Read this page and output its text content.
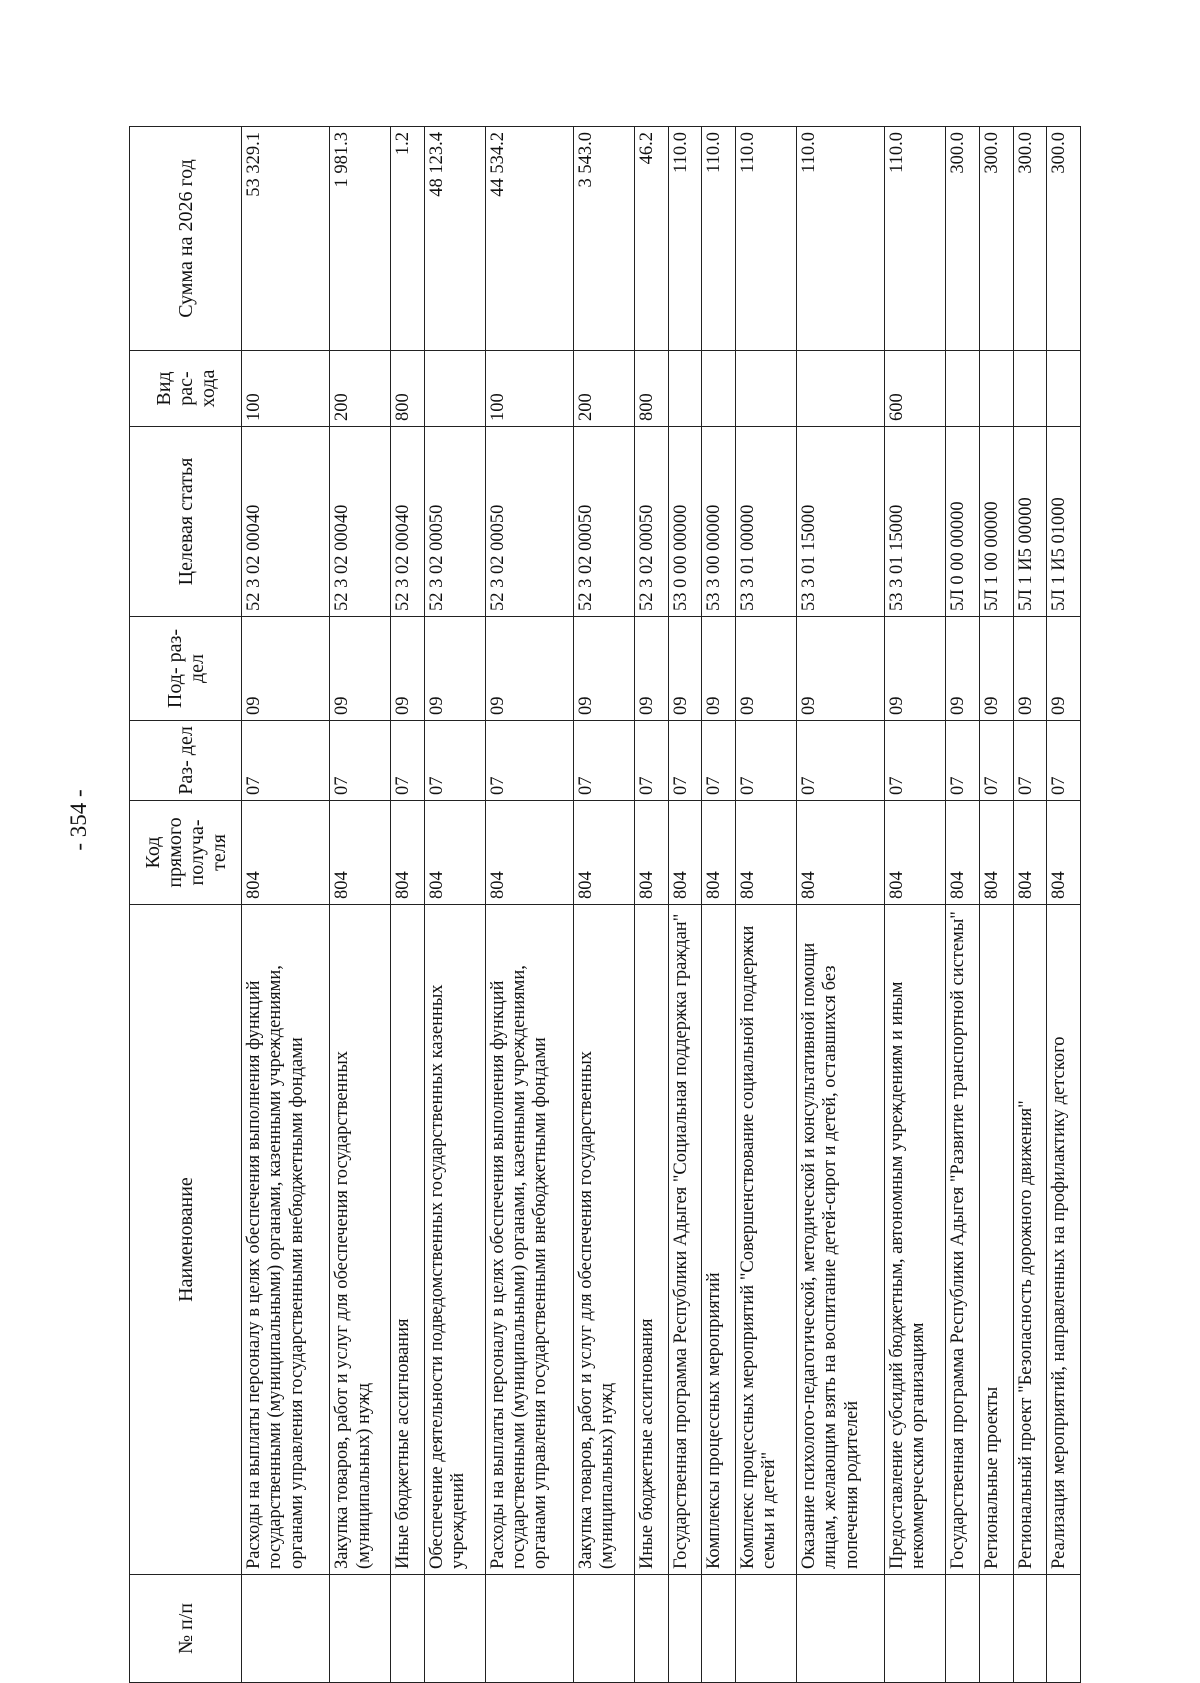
- 354 -
№ п/п	Наименование	Код прямого получа- теля	Раз- дел	Под- раз- дел	Целевая статья	Вид рас- хода	Сумма на 2026 год
	Расходы на выплаты персоналу в целях обеспечения выполнения функций государственными (муниципальными) органами, казенными учреждениями, органами управления государственными внебюджетными фондами	804	07	09	52 3 02 00040	100	53 329.1
	Закупка товаров, работ и услуг для обеспечения государственных (муниципальных) нужд	804	07	09	52 3 02 00040	200	1 981.3
	Иные бюджетные ассигнования	804	07	09	52 3 02 00040	800	1.2
	Обеспечение деятельности подведомственных государственных казенных учреждений	804	07	09	52 3 02 00050		48 123.4
	Расходы на выплаты персоналу в целях обеспечения выполнения функций государственными (муниципальными) органами, казенными учреждениями, органами управления государственными внебюджетными фондами	804	07	09	52 3 02 00050	100	44 534.2
	Закупка товаров, работ и услуг для обеспечения государственных (муниципальных) нужд	804	07	09	52 3 02 00050	200	3 543.0
	Иные бюджетные ассигнования	804	07	09	52 3 02 00050	800	46.2
	Государственная программа Республики Адыгея "Социальная поддержка граждан"	804	07	09	53 0 00 00000		110.0
	Комплексы процессных мероприятий	804	07	09	53 3 00 00000		110.0
	Комплекс процессных мероприятий "Совершенствование социальной поддержки семьи и детей"	804	07	09	53 3 01 00000		110.0
	Оказание психолого-педагогической, методической и консультативной помощи лицам, желающим взять на воспитание детей-сирот и детей, оставшихся без попечения родителей	804	07	09	53 3 01 15000		110.0
	Предоставление субсидий бюджетным, автономным учреждениям и иным некоммерческим организациям	804	07	09	53 3 01 15000	600	110.0
	Государственная программа Республики Адыгея "Развитие транспортной системы"	804	07	09	5Л 0 00 00000		300.0
	Региональные проекты	804	07	09	5Л 1 00 00000		300.0
	Региональный проект "Безопасность дорожного движения"	804	07	09	5Л 1 И5 00000		300.0
	Реализация мероприятий, направленных на профилактику детского	804	07	09	5Л 1 И5 01000		300.0
